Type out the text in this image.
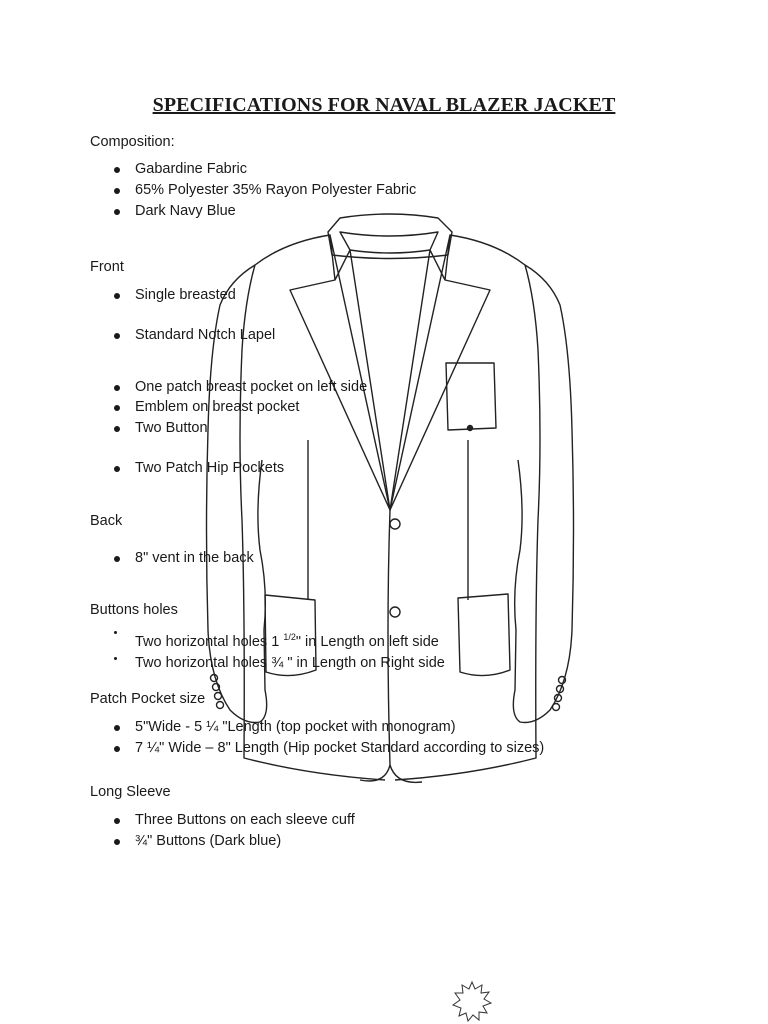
SPECIFICATIONS FOR NAVAL BLAZER JACKET
Composition:
Gabardine Fabric
65% Polyester 35% Rayon Polyester Fabric
Dark Navy Blue
Front
Single breasted
Standard Notch Lapel
One patch breast pocket on left side
Emblem on breast pocket
Two Button
Two Patch Hip Pockets
Back
8" vent in the back
Buttons holes
Two horizontal holes 1 $^{1/2}$" in Length on left side
Two horizontal holes ¾ " in Length on Right side
Patch Pocket size
5"Wide - 5 ¼ "Length (top pocket with monogram)
7 ¼" Wide – 8" Length (Hip pocket Standard according to sizes)
Long Sleeve
Three Buttons on each sleeve cuff
¾" Buttons (Dark blue)
